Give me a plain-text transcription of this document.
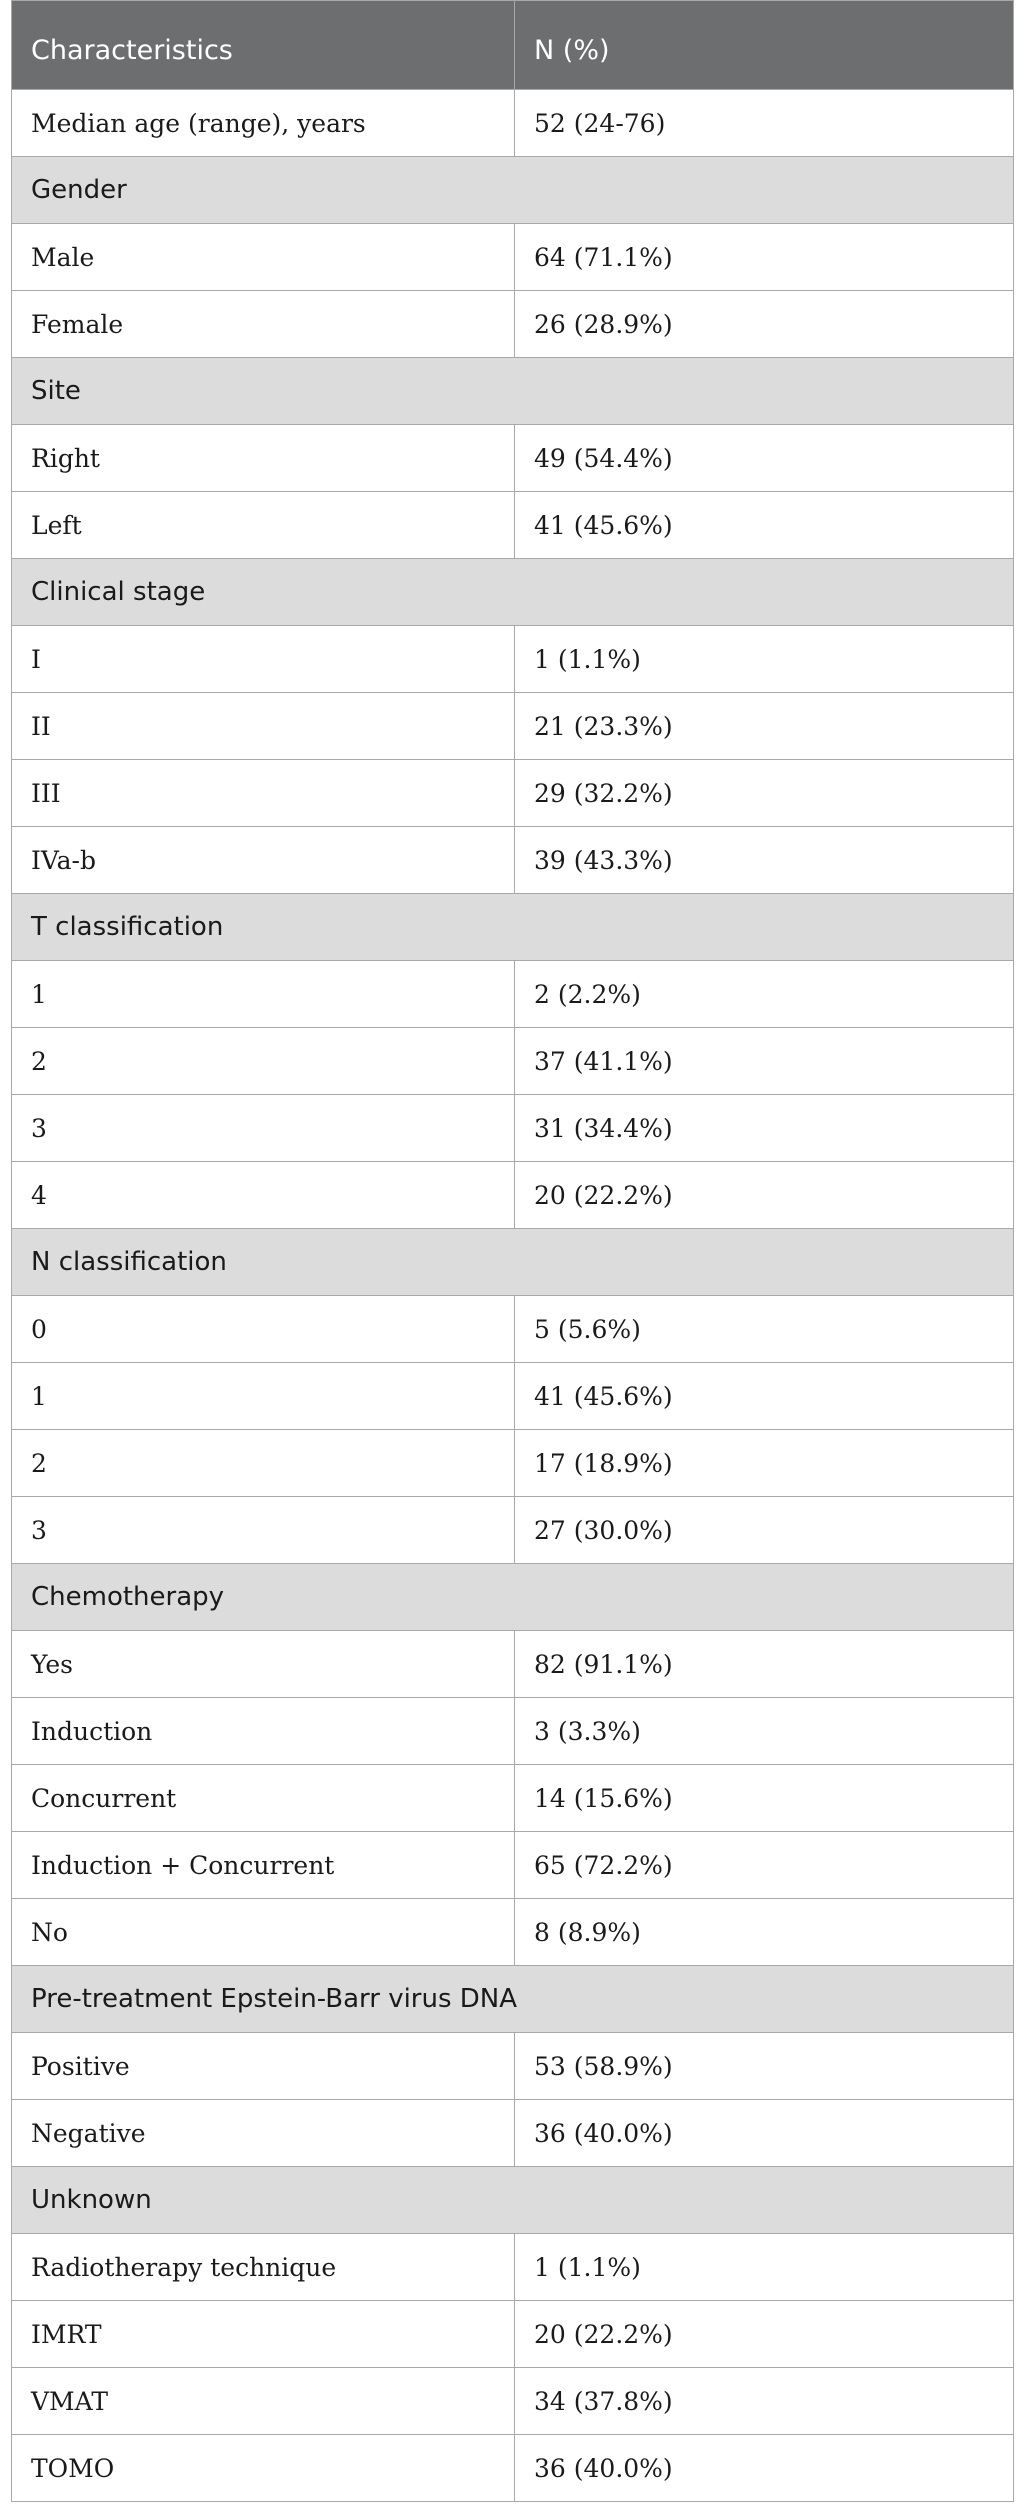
Characteristics	N (%)
Median age (range), years	52 (24-76)
Gender	
Male	64 (71.1%)
Female	26 (28.9%)
Site	
Right	49 (54.4%)
Left	41 (45.6%)
Clinical stage	
I	1 (1.1%)
II	21 (23.3%)
III	29 (32.2%)
IVa-b	39 (43.3%)
T classification	
1	2 (2.2%)
2	37 (41.1%)
3	31 (34.4%)
4	20 (22.2%)
N classification	
0	5 (5.6%)
1	41 (45.6%)
2	17 (18.9%)
3	27 (30.0%)
Chemotherapy	
Yes	82 (91.1%)
Induction	3 (3.3%)
Concurrent	14 (15.6%)
Induction + Concurrent	65 (72.2%)
No	8 (8.9%)
Pre-treatment Epstein-Barr virus DNA	
Positive	53 (58.9%)
Negative	36 (40.0%)
Unknown	
Radiotherapy technique	1 (1.1%)
IMRT	20 (22.2%)
VMAT	34 (37.8%)
TOMO	36 (40.0%)
